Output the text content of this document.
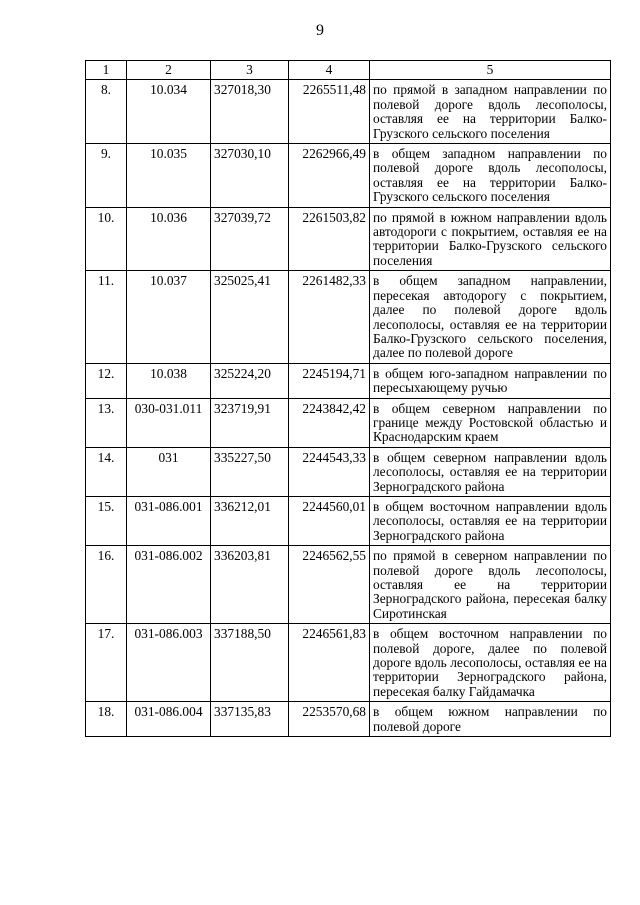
9
1	2	3	4	5
8.	10.034	327018,30	2265511,48	по прямой в западном направлении по полевой дороге вдоль лесополосы, оставляя ее на территории Балко-Грузского сельского поселения
9.	10.035	327030,10	2262966,49	в общем западном направлении по полевой дороге вдоль лесополосы, оставляя ее на территории Балко-Грузского сельского поселения
10.	10.036	327039,72	2261503,82	по прямой в южном направлении вдоль автодороги с покрытием, оставляя ее на территории Балко-Грузского сельского поселения
11.	10.037	325025,41	2261482,33	в общем западном направлении, пересекая автодорогу с покрытием, далее по полевой дороге вдоль лесополосы, оставляя ее на территории Балко-Грузского сельского поселения, далее по полевой дороге
12.	10.038	325224,20	2245194,71	в общем юго-западном направлении по пересыхающему ручью
13.	030-031.011	323719,91	2243842,42	в общем северном направлении по границе между Ростовской областью и Краснодарским краем
14.	031	335227,50	2244543,33	в общем северном направлении вдоль лесополосы, оставляя ее на территории Зерноградского района
15.	031-086.001	336212,01	2244560,01	в общем восточном направлении вдоль лесополосы, оставляя ее на территории Зерноградского района
16.	031-086.002	336203,81	2246562,55	по прямой в северном направлении по полевой дороге вдоль лесополосы, оставляя ее на территории Зерноградского района, пересекая балку Сиротинская
17.	031-086.003	337188,50	2246561,83	в общем восточном направлении по полевой дороге, далее по полевой дороге вдоль лесополосы, оставляя ее на территории Зерноградского района, пересекая балку Гайдамачка
18.	031-086.004	337135,83	2253570,68	в общем южном направлении по полевой дороге
